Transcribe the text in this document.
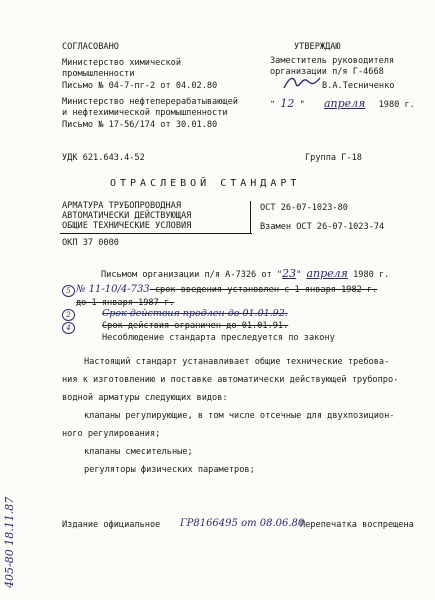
СОГЛАСОВАНО
Министерство химической
промышленности
Письмо № 04-7-пг-2 от 04.02.80
Министерство нефтеперерабатывающей
и нефтехимической промышленности
Письмо № 17-56/174 от 30.01.80
УТВЕРЖДАЮ
Заместитель руководителя
организации п/я Г-4668
В.А.Тесниченко
" 12 " апреля 1980 г.
УДК 621.643.4-52	Группа Г-18
ОТРАСЛЕВОЙ СТАНДАРТ
АРМАТУРА ТРУБОПРОВОДНАЯ
АВТОМАТИЧЕСКИ ДЕЙСТВУЮЩАЯ
ОБЩИЕ ТЕХНИЧЕСКИЕ УСЛОВИЯ
ОКП 37 0000
ОСТ 26-07-1023-80
Взамен ОСТ 26-07-1023-74
Письмом организации п/я А-7326 от "23" апреля 1980 г.
5 № 11-10/4-733 срок введения установлен с 1 января 1982 г.
до 1 января 1987 г.
2	Срок действия продлен до 01.01.92.
4	Срок действия ограничен до 01.01.91.
Несоблюдение стандарта преследуется по закону
Настоящий стандарт устанавливает общие технические требова-
ния к изготовлению и поставке автоматически действующей трубопро-
водной арматуры следующих видов:
клапаны регулирующие, в том числе отсечные для двухпозицион-
ного регулирования;
клапаны смесительные;
регуляторы физических параметров;
Издание официальное ГР8166495 от 08.06.80
Перепечатка воспрещена
405-80 18.11.87
